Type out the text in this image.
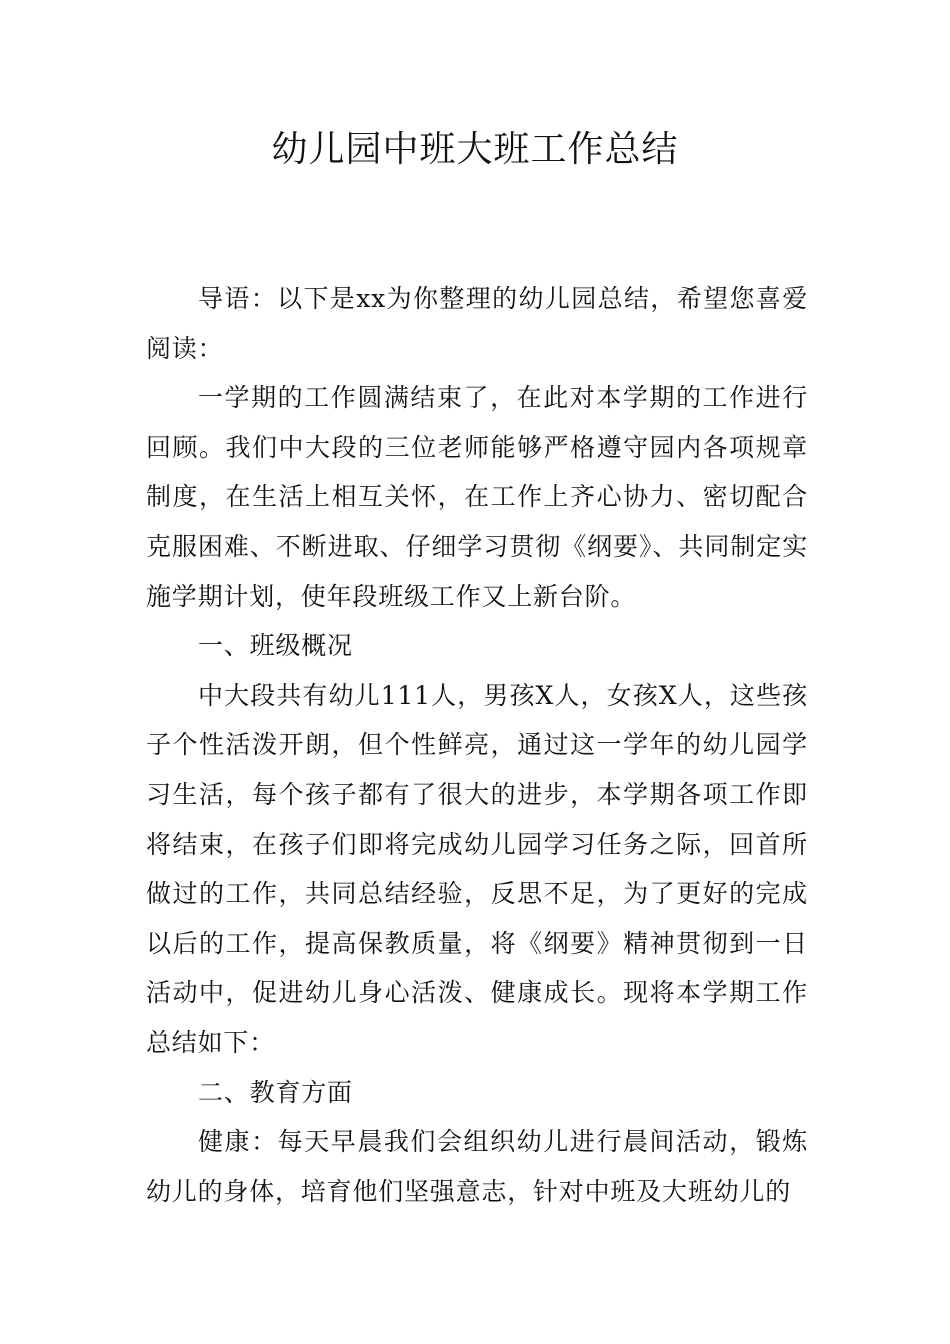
幼儿园中班大班工作总结

导语：以下是xx为你整理的幼儿园总结，希望您喜爱阅读：

一学期的工作圆满结束了，在此对本学期的工作进行回顾。我们中大段的三位老师能够严格遵守园内各项规章制度，在生活上相互关怀，在工作上齐心协力、密切配合克服困难、不断进取、仔细学习贯彻《纲要》、共同制定实施学期计划，使年段班级工作又上新台阶。

一、班级概况

中大段共有幼儿111人，男孩X人，女孩X人，这些孩子个性活泼开朗，但个性鲜亮，通过这一学年的幼儿园学习生活，每个孩子都有了很大的进步，本学期各项工作即将结束，在孩子们即将完成幼儿园学习任务之际，回首所做过的工作，共同总结经验，反思不足，为了更好的完成以后的工作，提高保教质量，将《纲要》精神贯彻到一日活动中，促进幼儿身心活泼、健康成长。现将本学期工作总结如下：

二、教育方面

健康：每天早晨我们会组织幼儿进行晨间活动，锻炼幼儿的身体，培育他们坚强意志，针对中班及大班幼儿的
